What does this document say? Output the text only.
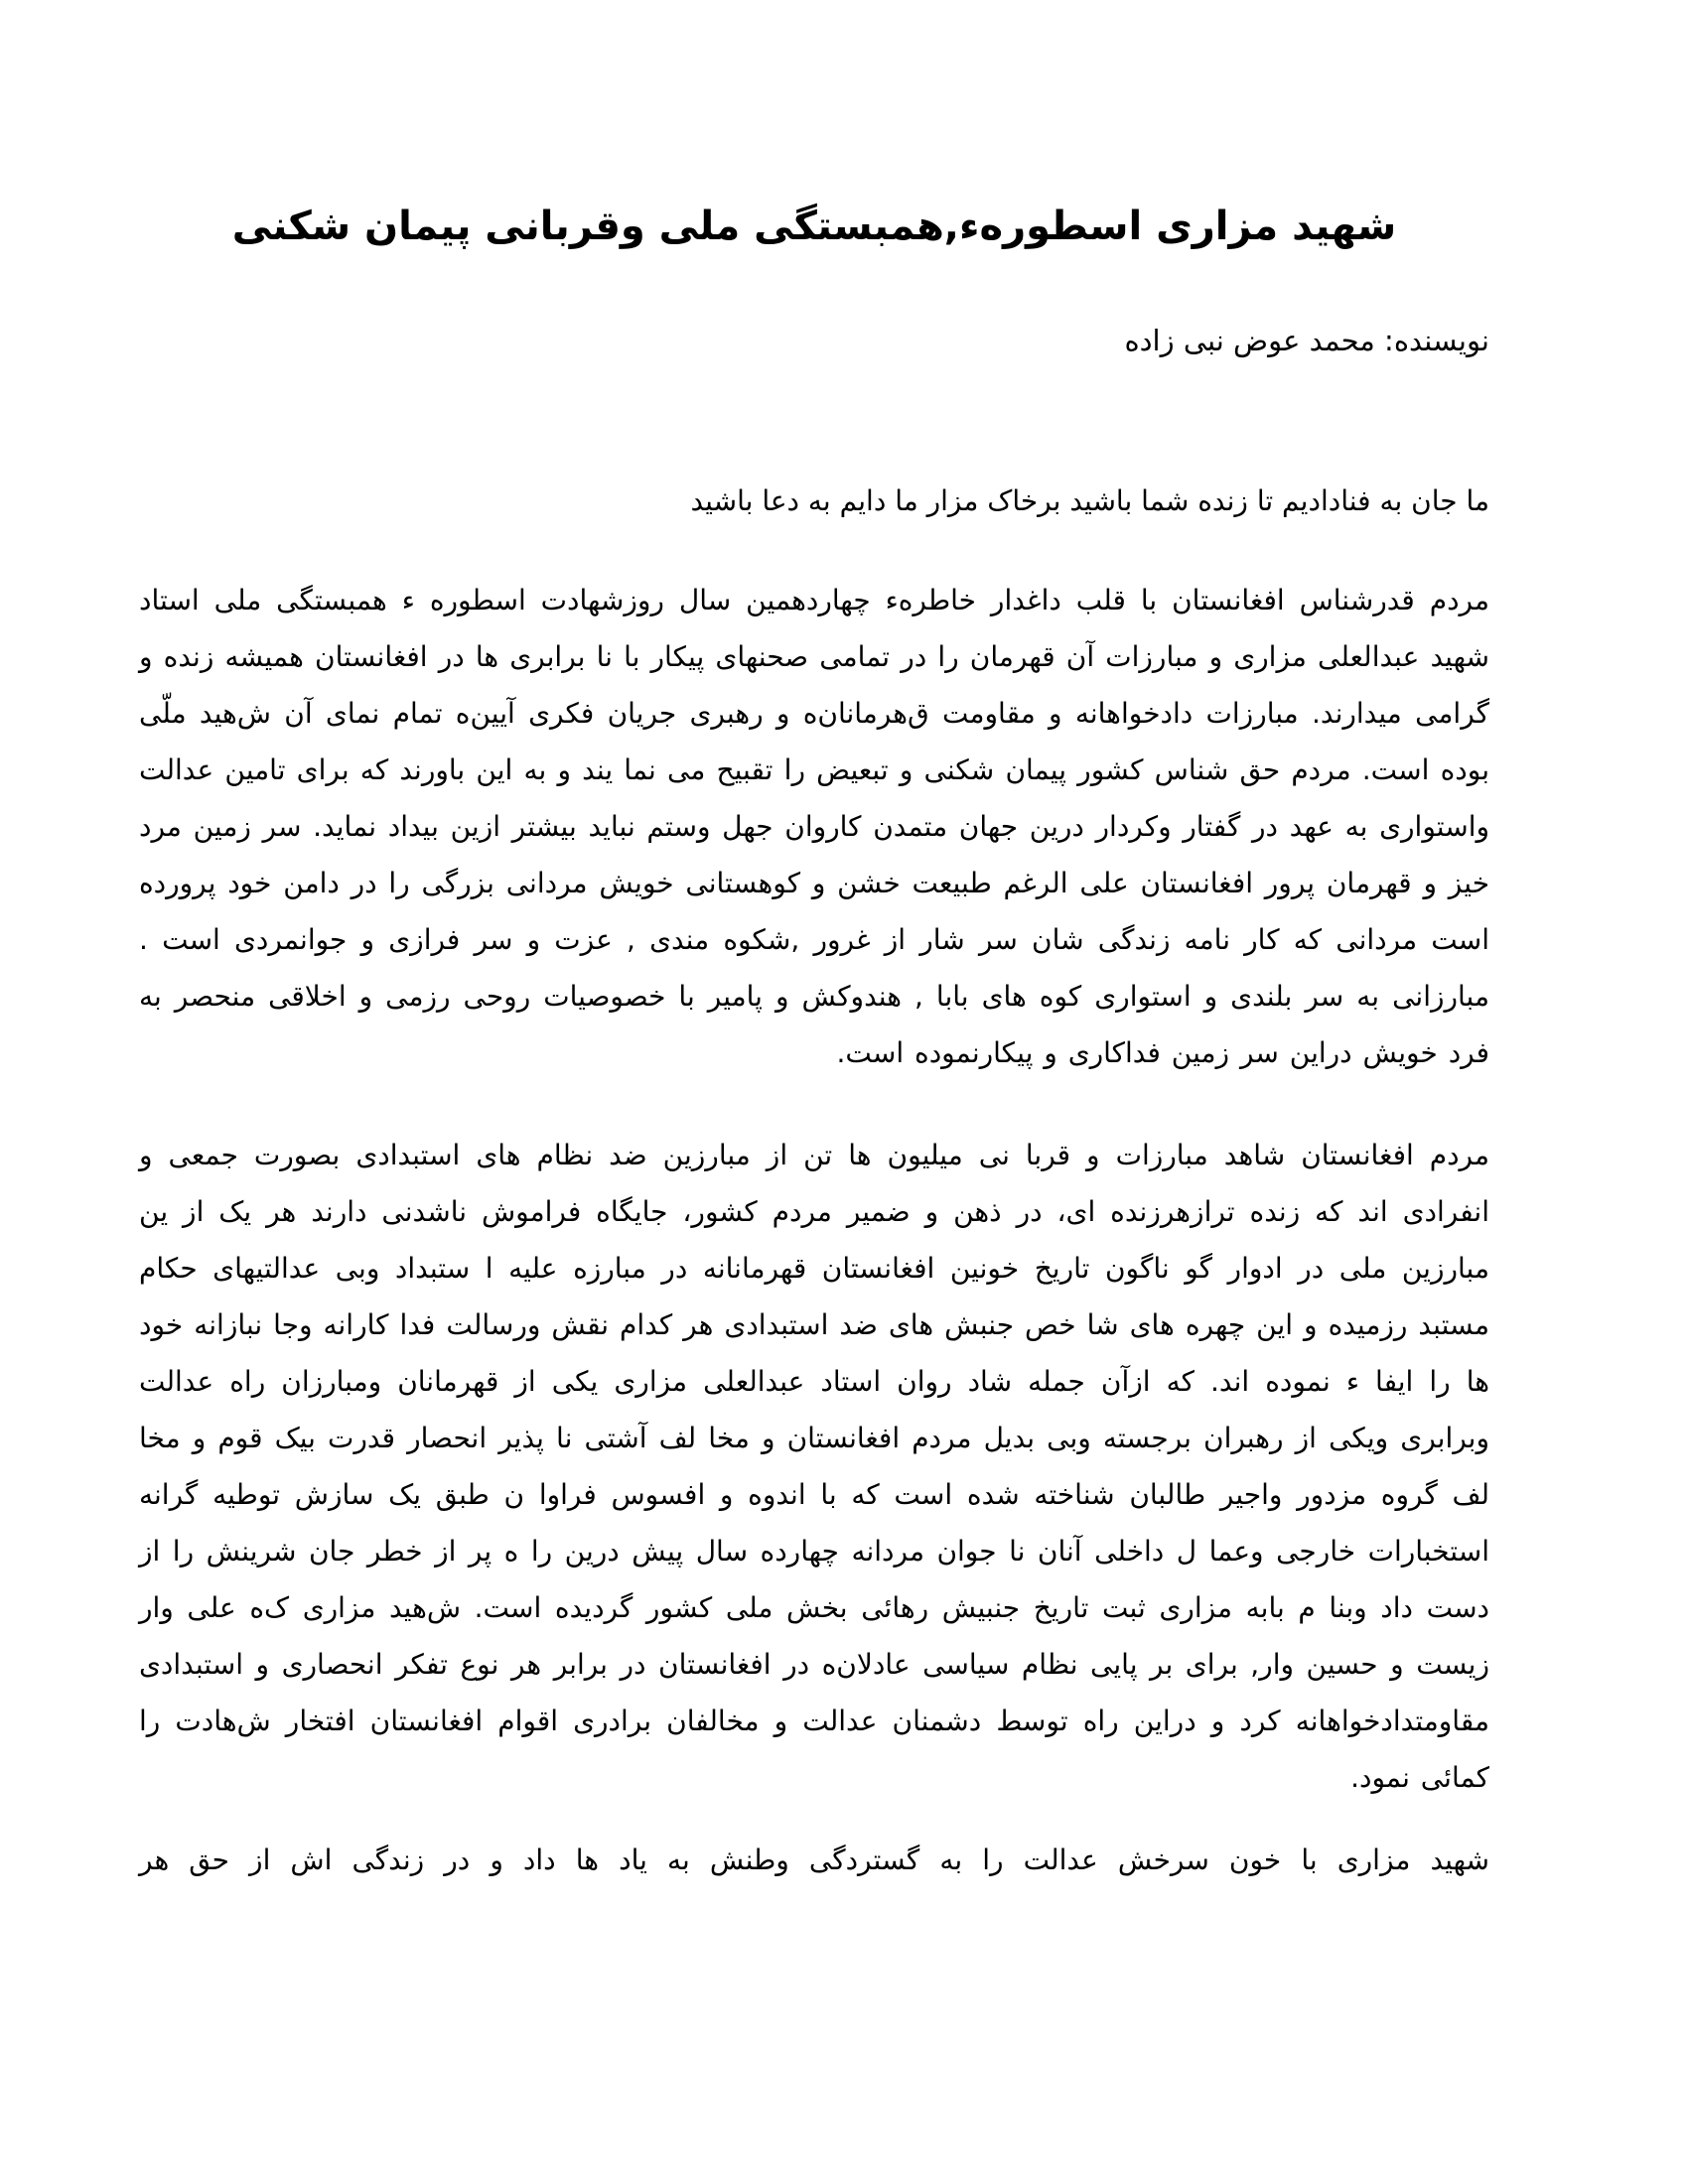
شهید مزاری اسطورهء,همبستگی ملی وقربانی پیمان شکنی

نویسنده: محمد عوض نبی زاده

ما جان به فنادادیم تا زنده شما باشید برخاک مزار ما دایم به دعا باشید

مردم قدرشناس افغانستان با قلب داغدار خاطرهء چهاردهمین سال روزشهادت اسطوره ء همبستگی ملی استاد شهید عبدالعلی مزاری و مبارزات آن قهرمان را در تمامی صحنهای پیکار با نا برابری ها در افغانستان همیشه زنده و گرامی میدارند. مبارزات دادخواهانه و مقاومت ق‌هرمانان‌ه و رهبری جریان فکری آیین‌ه تمام نمای آن ش‌هید ملّی بوده است. مردم حق شناس کشور پیمان شکنی و تبعیض را تقبیح می نما یند و به این باورند که برای تامین عدالت واستواری به عهد در گفتار وکردار درین جهان متمدن کاروان جهل وستم نباید بیشتر ازین بیداد نماید. سر زمین مرد خیز و قهرمان پرور افغانستان علی الرغم طبیعت خشن و کوهستانی خویش مردانی بزرگی را در دامن خود پرورده است مردانی که کار نامه زندگی شان سر شار از غرور ,شکوه مندی , عزت و سر فرازی و جوانمردی است . مبارزانی به سر بلندی و استواری کوه های بابا , هندوکش و پامیر با خصوصیات روحی رزمی و اخلاقی منحصر به فرد خویش دراین سر زمین فداکاری و پیکارنموده است.

مردم افغانستان شاهد مبارزات و قربا نی میلیون ها تن از مبارزین ضد نظام های استبدادی بصورت جمعی و انفرادی اند که زنده ترازهرزنده ای، در ذهن و ضمیر مردم کشور، جایگاه فراموش ناشدنی دارند هر یک از ین مبارزین ملی در ادوار گو ناگون تاریخ خونین افغانستان قهرمانانه در مبارزه علیه ا ستبداد وبی عدالتیهای حکام مستبد رزمیده و این چهره های شا خص جنبش های ضد استبدادی هر کدام نقش ورسالت فدا کارانه وجا نبازانه خود ها را ایفا ء نموده اند. که ازآن جمله شاد روان استاد عبدالعلی مزاری یکی از قهرمانان ومبارزان راه عدالت وبرابری ویکی از رهبران برجسته وبی بدیل مردم افغانستان و مخا لف آشتی نا پذیر انحصار قدرت بیک قوم و مخا لف گروه مزدور واجیر طالبان شناخته شده است که با اندوه و افسوس فراوا ن طبق یک سازش توطیه گرانه استخبارات خارجی وعما ل داخلی آنان نا جوان مردانه چهارده سال پیش درین را ه پر از خطر جان شرینش را از دست داد وبنا م بابه مزاری ثبت تاریخ جنبیش رهائی بخش ملی کشور گردیده است. ش‌هید مزاری ک‌ه علی وار زیست و حسین وار, برای بر پایی نظام سیاسی عادلان‌ه در افغانستان در برابر هر نوع تفکر انحصاری و استبدادی مقاومتدادخواهانه کرد و دراین راه توسط دشمنان عدالت و مخالفان برادری اقوام افغانستان افتخار ش‌هادت را کمائی نمود.

شهید مزاری با خون سرخش عدالت را به گستردگی وطنش به یاد ها داد و در زندگی اش از حق هر
